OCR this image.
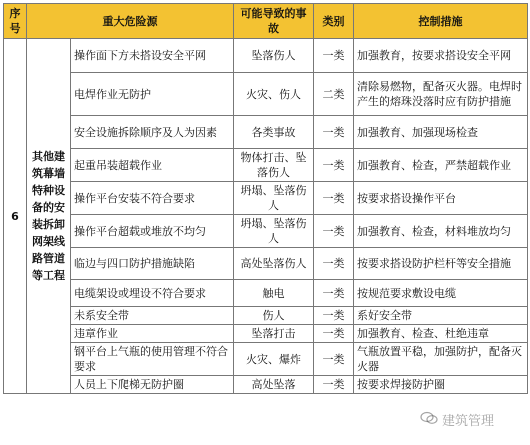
序号	重大危险源		可能导致的事故	类别	控制措施
6	其他建筑幕墙特种设备的安装拆卸网架线路管道等工程	操作面下方未搭设安全平网	坠落伤人	一类	加强教育，按要求搭设安全平网
		电焊作业无防护	火灾、伤人	二类	清除易燃物，配备灭火器。电焊时产生的熔珠没落时应有防护措施
		安全设施拆除顺序及人为因素	各类事故	一类	加强教育、加强现场检查
		起重吊装超载作业	物体打击、坠落伤人	一类	加强教育、检查，严禁超载作业
		操作平台安装不符合要求	坍塌、坠落伤人	一类	按要求搭设操作平台
		操作平台超载或堆放不均匀	坍塌、坠落伤人	一类	加强教育、检查，材料堆放均匀
		临边与四口防护措施缺陷	高处坠落伤人	一类	按要求搭设防护栏杆等安全措施
		电缆架设或埋设不符合要求	触电	一类	按规范要求敷设电缆
		未系安全带	伤人	一类	系好安全带
		违章作业	坠落打击	一类	加强教育、检查、杜绝违章
		钢平台上气瓶的使用管理不符合要求	火灾、爆炸	一类	气瓶放置平稳，加强防护，配备灭火器
		人员上下爬梯无防护圈	高处坠落	一类	按要求焊接防护圈
建筑管理
